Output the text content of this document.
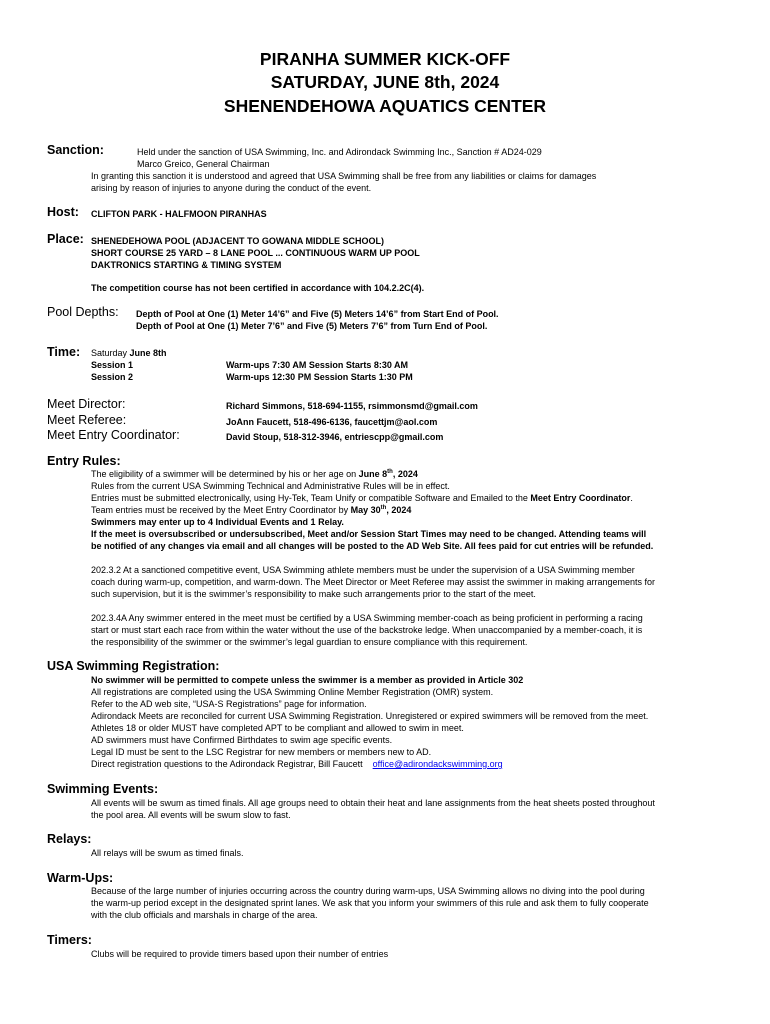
PIRANHA SUMMER KICK-OFF
SATURDAY, JUNE 8th, 2024
SHENENDEHOWA AQUATICS CENTER
Sanction:	Held under the sanction of USA Swimming, Inc. and Adirondack Swimming Inc., Sanction # AD24-029
Marco Greico, General Chairman
In granting this sanction it is understood and agreed that USA Swimming shall be free from any liabilities or claims for damages
arising by reason of injuries to anyone during the conduct of the event.
Host: CLIFTON PARK - HALFMOON PIRANHAS
Place: SHENEDEHOWA POOL (ADJACENT TO GOWANA MIDDLE SCHOOL)
SHORT COURSE 25 YARD – 8 LANE POOL ... CONTINUOUS WARM UP POOL
DAKTRONICS STARTING & TIMING SYSTEM
The competition course has not been certified in accordance with 104.2.2C(4).
Pool Depths: Depth of Pool at One (1) Meter 14’6” and Five (5) Meters 14’6” from Start End of Pool.
Depth of Pool at One (1) Meter 7’6” and Five (5) Meters 7’6” from Turn End of Pool.
Time: Saturday June 8th
Session 1	Warm-ups 7:30 AM Session Starts 8:30 AM
Session 2	Warm-ups 12:30 PM Session Starts 1:30 PM
Meet Director:	Richard Simmons, 518-694-1155, rsimmonsmd@gmail.com
Meet Referee:	JoAnn Faucett, 518-496-6136, faucettjm@aol.com
Meet Entry Coordinator:	David Stoup, 518-312-3946, entriescpp@gmail.com
Entry Rules:
The eligibility of a swimmer will be determined by his or her age on June 8th, 2024
Rules from the current USA Swimming Technical and Administrative Rules will be in effect.
Entries must be submitted electronically, using Hy-Tek, Team Unify or compatible Software and Emailed to the Meet Entry Coordinator.
Team entries must be received by the Meet Entry Coordinator by May 30th, 2024
Swimmers may enter up to 4 Individual Events and 1 Relay.
If the meet is oversubscribed or undersubscribed, Meet and/or Session Start Times may need to be changed. Attending teams will
be notified of any changes via email and all changes will be posted to the AD Web Site. All fees paid for cut entries will be refunded.
202.3.2 At a sanctioned competitive event, USA Swimming athlete members must be under the supervision of a USA Swimming member
coach during warm-up, competition, and warm-down. The Meet Director or Meet Referee may assist the swimmer in making arrangements for
such supervision, but it is the swimmer’s responsibility to make such arrangements prior to the start of the meet.
202.3.4A Any swimmer entered in the meet must be certified by a USA Swimming member-coach as being proficient in performing a racing
start or must start each race from within the water without the use of the backstroke ledge. When unaccompanied by a member-coach, it is
the responsibility of the swimmer or the swimmer’s legal guardian to ensure compliance with this requirement.
USA Swimming Registration:
No swimmer will be permitted to compete unless the swimmer is a member as provided in Article 302
All registrations are completed using the USA Swimming Online Member Registration (OMR) system.
Refer to the AD web site, “USA-S Registrations” page for information.
Adirondack Meets are reconciled for current USA Swimming Registration. Unregistered or expired swimmers will be removed from the meet.
Athletes 18 or older MUST have completed APT to be compliant and allowed to swim in meet.
AD swimmers must have Confirmed Birthdates to swim age specific events.
Legal ID must be sent to the LSC Registrar for new members or members new to AD.
Direct registration questions to the Adirondack Registrar, Bill Faucett office@adirondackswimming.org
Swimming Events:
All events will be swum as timed finals. All age groups need to obtain their heat and lane assignments from the heat sheets posted throughout
the pool area. All events will be swum slow to fast.
Relays:
All relays will be swum as timed finals.
Warm-Ups:
Because of the large number of injuries occurring across the country during warm-ups, USA Swimming allows no diving into the pool during
the warm-up period except in the designated sprint lanes. We ask that you inform your swimmers of this rule and ask them to fully cooperate
with the club officials and marshals in charge of the area.
Timers:
Clubs will be required to provide timers based upon their number of entries
